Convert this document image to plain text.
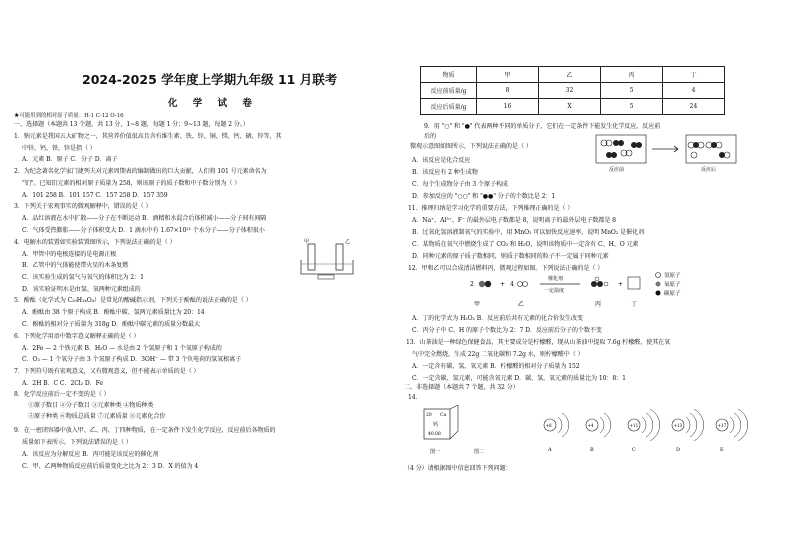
2024-2025 学年度上学期九年级 11 月联考
化 学 试 卷
★可能用到的相对原子质量：H-1 C-12 O-16
一、选择题（本题共 13 个题，共 13 分，1~8 题，每题 1 分；9~13 题，每题 2 分。）
1．钠元素是我国五大矿物之一，其营养价值很高且含有维生素、铁、锌、铜、镁、钙、硒、锌等，其
中锌、钙、铁、锌是指（ ）
A．元素 B．原子 C．分子 D．离子
2．为纪念著名化学家门捷列夫对元素周期表的编制做出的巨大贡献，人们将 101 号元素命名为
"钔"。已知钔元素的相对原子质量为 258，则该原子的质子数和中子数分别为（ ）
A．101 258 B．101 157 C．157 258 D．157 359
3．下列关于宏观事实的微观解释中，错误的是（ ）
A．品红溶液在水中扩散——分子在不断运动 B．酒精和水混合后体积减小——分子间有间隔
C．气体受热膨胀——分子体积变大 D．1 滴水中有 1.67×10²¹ 个水分子——分子体积很小
4．电解水的装置如实验装置图所示，下列说法正确的是（ ）
A．甲管中的电极连接的是电源正极
B．乙管中的气体能使带火星的木条复燃
C．该实验生成的氢气与氧气的体积比为 2：1
D．该实验证明水是由氢、氧两种元素组成的
5．酚酞（化学式为 C₂₀H₁₄O₄）是常见的酸碱指示剂，下列关于酚酞的说法正确的是（ ）
A．酚酞由 38 个原子构成 B．酚酞中碳、氢两元素质量比为 20：14
C．酚酞的相对分子质量为 318g D．酚酞中碳元素的质量分数最大
6．下列化学用语中数字意义解释正确的是（ ）
A．2Fe — 2 个铁元素 B．H₂O — 水是由 2 个氢原子和 1 个氧原子构成的
C．O₂ — 1 个氧分子由 3 个氧原子构成 D．3OH⁻ — 带 3 个负电荷的氢氧根离子
7．下列符号既有宏观意义，又有微观意义，但不能表示单质的是（ ）
A．2H B．C C．2Cl₂ D．Fe
8．化学反应前后一定不变的是（ ）
①原子数目 ②分子数目 ③元素种类 ④物质种类
⑤原子种类 ⑥物质总质量 ⑦元素质量 ⑧元素化合价
9．在一密闭容器中放入甲、乙、丙、丁四种物质，在一定条件下发生化学反应，反应前后各物质的
质量如下表所示。下列说法错误的是（ ）
A．该反应为分解反应 B．丙可能是该反应的催化剂
C．甲、乙两种物质反应前后质量变化之比为 2：3 D．X 的值为 4
甲	乙
物质	甲	乙	丙	丁
反应前质量/g	8	32	5	4
反应后质量/g	16	X	5	24
9．用 "○" 和 "●" 代表两种不同的单质分子，它们在一定条件下能发生化学反应，反应前
后的
微观示意图如图所示，下列说法正确的是（ ）
A．该反应是化合反应
B．该反应有 2 种生成物
C．每个生成物分子由 3 个原子构成
D．参加反应的 "○○" 和 "●●" 分子的个数比是 2：1
11．推理归纳是学习化学的重要方法，下列推理正确的是（ ）
A．Na⁺、Al³⁺、F⁻ 的最外层电子数都是 8，说明离子的最外层电子数都是 8
B．过氧化氢溶液制氧气的实验中，用 MnO₂ 可以加快反应速率，说明 MnO₂ 是催化剂
C．某物质在氧气中燃烧生成了 CO₂ 和 H₂O，说明该物质中一定含有 C、H、O 元素
D．同种元素的原子质子数相同，则质子数相同的粒子不一定属于同种元素
12．甲和乙可以合成清洁燃料丙，微观过程如图。下列说法正确的是（ ）
A．丁的化学式为 H₂O₂ B．反应前后共有元素的化合价发生改变
C．丙分子中 C、H 的原子个数比为 2：7 D．反应前后分子的个数不变
13．山茶油是一种绿色保健食品，其主要成分是柠檬醛，现从山茶油中提取 7.6g 柠檬醛，使其在氧
气中完全燃烧，生成 22g 二氧化碳和 7.2g 水，则柠檬醛中（ ）
A．一定含有碳、氢、氧元素 B．柠檬醛的相对分子质量为 152
C．一定含碳、氢元素，可能含氧元素 D．碳、氢、氧元素的质量比为 10：8：1
二、非选择题（本题共 7 个题，共 32 分）
14．
（4 分）请根据图中信息回答下列问题：
反应前	反应后
2	+ 4
催化剂
一定温度
+
甲	乙	丙	丁
氢原子
氧原子
碳原子
20 Ca
钙
40.08
图一	图二
+8
A
+4
B
+11
C
+13
D
+17
E
